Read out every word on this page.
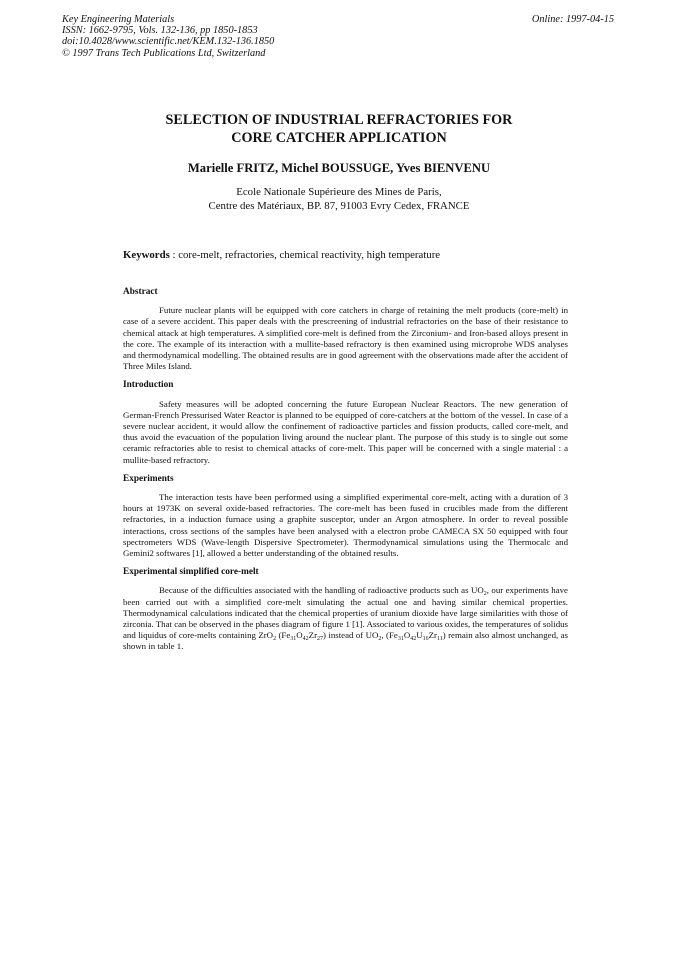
Key Engineering Materials
ISSN: 1662-9795, Vols. 132-136, pp 1850-1853
doi:10.4028/www.scientific.net/KEM.132-136.1850
© 1997 Trans Tech Publications Ltd, Switzerland
Online: 1997-04-15
SELECTION OF INDUSTRIAL REFRACTORIES FOR
CORE CATCHER APPLICATION
Marielle FRITZ, Michel BOUSSUGE, Yves BIENVENU
Ecole Nationale Supérieure des Mines de Paris,
Centre des Matériaux, BP. 87, 91003 Evry Cedex, FRANCE
Keywords : core-melt, refractories, chemical reactivity, high temperature
Abstract
Future nuclear plants will be equipped with core catchers in charge of retaining the melt products (core-melt) in case of a severe accident. This paper deals with the prescreening of industrial refractories on the base of their resistance to chemical attack at high temperatures. A simplified core-melt is defined from the Zirconium- and Iron-based alloys present in the core. The example of its interaction with a mullite-based refractory is then examined using microprobe WDS analyses and thermodynamical modelling. The obtained results are in good agreement with the observations made after the accident of Three Miles Island.
Introduction
Safety measures will be adopted concerning the future European Nuclear Reactors. The new generation of German-French Pressurised Water Reactor is planned to be equipped of core-catchers at the bottom of the vessel. In case of a severe nuclear accident, it would allow the confinement of radioactive particles and fission products, called core-melt, and thus avoid the evacuation of the population living around the nuclear plant. The purpose of this study is to single out some ceramic refractories able to resist to chemical attacks of core-melt. This paper will be concerned with a single material : a mullite-based refractory.
Experiments
The interaction tests have been performed using a simplified experimental core-melt, acting with a duration of 3 hours at 1973K on several oxide-based refractories. The core-melt has been fused in crucibles made from the different refractories, in a induction furnace using a graphite susceptor, under an Argon atmosphere. In order to reveal possible interactions, cross sections of the samples have been analysed with a electron probe CAMECA SX 50 equipped with four spectrometers WDS (Wave-length Dispersive Spectrometer). Thermodynamical simulations using the Thermocalc and Gemini2 softwares [1], allowed a better understanding of the obtained results.
Experimental simplified core-melt
Because of the difficulties associated with the handling of radioactive products such as $UO_2$, our experiments have been carried out with a simplified core-melt simulating the actual one and having similar chemical properties. Thermodynamical calculations indicated that the chemical properties of uranium dioxide have large similarities with those of zirconia. That can be observed in the phases diagram of figure 1 [1]. Associated to various oxides, the temperatures of solidus and liquidus of core-melts containing ZrO$_2$ $(Fe_{31}O_{42}Zr_{27})$ instead of $UO_2$, $(Fe_{31}O_{42}U_{16}Zr_{11})$ remain also almost unchanged, as shown in table 1.
